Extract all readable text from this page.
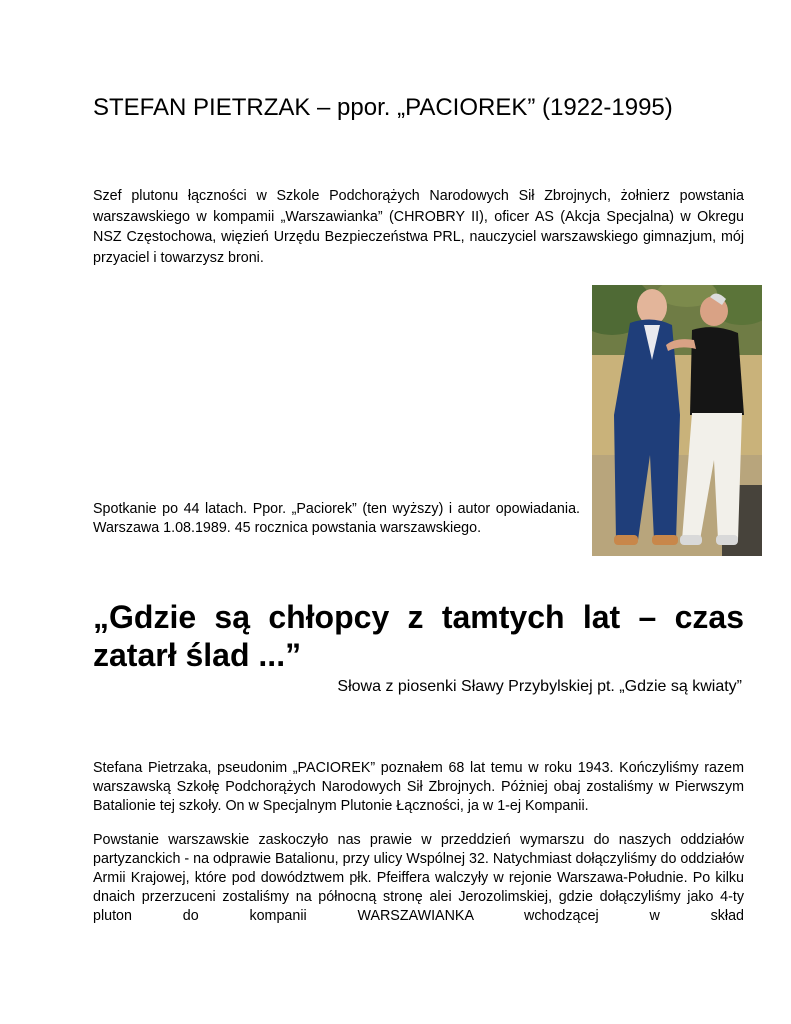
STEFAN PIETRZAK – ppor. „PACIOREK” (1922-1995)

Szef plutonu łączności w Szkole Podchorążych Narodowych Sił Zbrojnych, żołnierz powstania warszawskiego w kompamii „Warszawianka” (CHROBRY II), oficer AS (Akcja Specjalna) w Okregu NSZ Częstochowa, więzień Urzędu Bezpieczeństwa PRL, nauczyciel warszawskiego gimnazjum, mój przyaciel i towarzysz broni.

Spotkanie po 44 latach. Ppor. „Paciorek” (ten wyższy) i autor opowiadania. Warszawa 1.08.1989. 45 rocznica powstania warszawskiego.

„Gdzie są chłopcy z tamtych lat – czas zatarł ślad ...”
Słowa z piosenki Sławy Przybylskiej pt. „Gdzie są kwiaty”

Stefana Pietrzaka, pseudonim „PACIOREK” poznałem 68 lat temu w roku 1943. Kończyliśmy razem warszawską Szkołę Podchorążych Narodowych Sił Zbrojnych. Póżniej obaj zostaliśmy w Pierwszym Batalionie tej szkoły. On w Specjalnym Plutonie Łączności, ja w 1-ej Kompanii.

Powstanie warszawskie zaskoczyło nas prawie w przeddzień wymarszu do naszych oddziałów partyzanckich - na odprawie Batalionu, przy ulicy Wspólnej 32. Natychmiast dołączyliśmy do oddziałów Armii Krajowej, które pod dowództwem płk. Pfeiffera walczyły w rejonie Warszawa-Południe. Po kilku dnaich przerzuceni zostaliśmy na północną stronę alei Jerozolimskiej, gdzie dołączyliśmy jako 4-ty pluton do kompanii WARSZAWIANKA wchodzącej w skład
